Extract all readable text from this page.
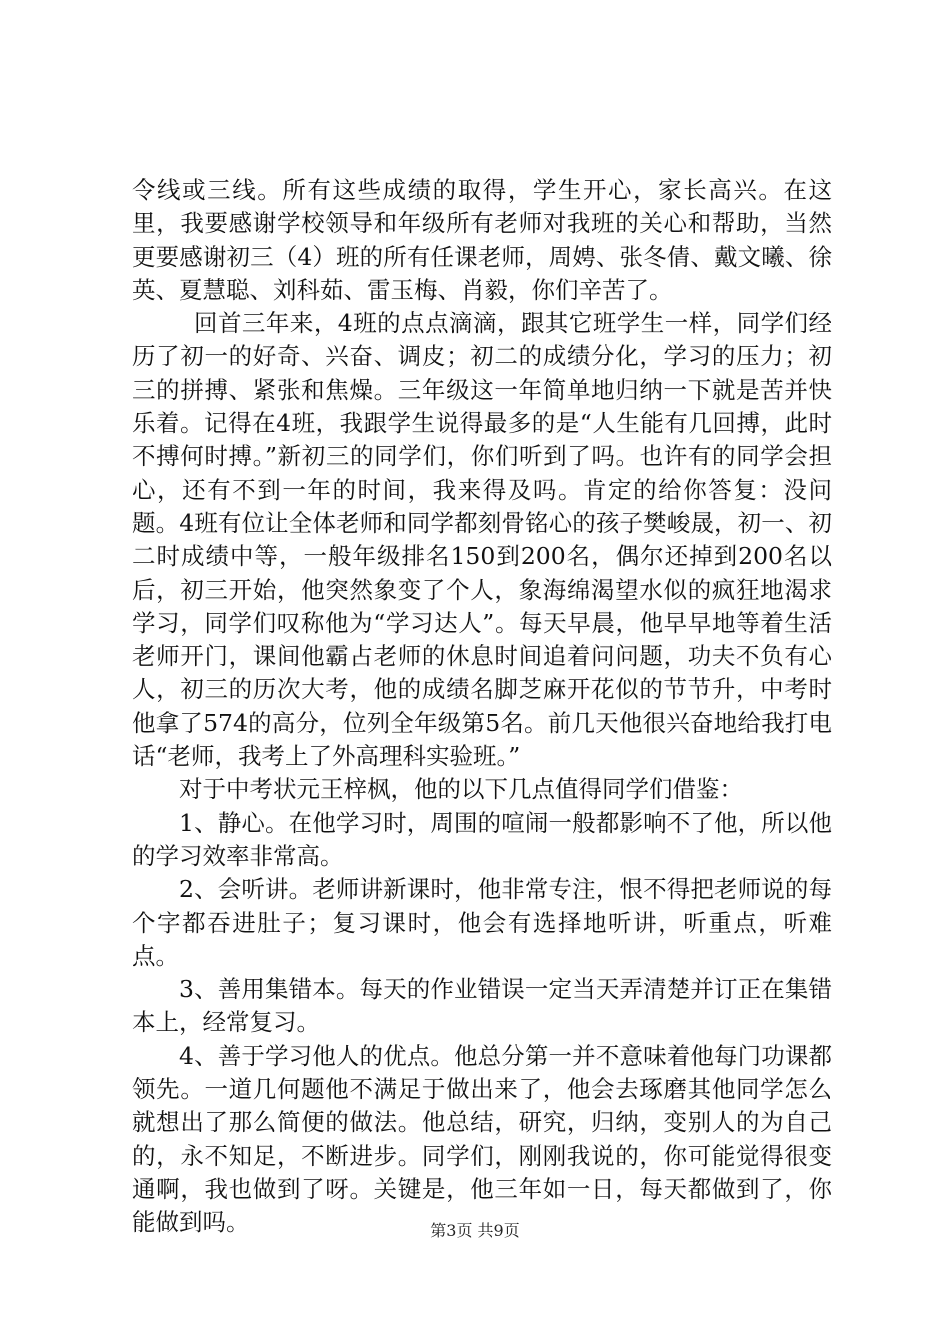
令线或三线。所有这些成绩的取得，学生开心，家长高兴。在这里，我要感谢学校领导和年级所有老师对我班的关心和帮助，当然更要感谢初三（4）班的所有任课老师，周娉、张冬倩、戴文曦、徐英、夏慧聪、刘科茹、雷玉梅、肖毅，你们辛苦了。

回首三年来，4班的点点滴滴，跟其它班学生一样，同学们经历了初一的好奇、兴奋、调皮；初二的成绩分化，学习的压力；初三的拼搏、紧张和焦燥。三年级这一年简单地归纳一下就是苦并快乐着。记得在4班，我跟学生说得最多的是“人生能有几回搏，此时不搏何时搏。”新初三的同学们，你们听到了吗。也许有的同学会担心，还有不到一年的时间，我来得及吗。肯定的给你答复：没问题。4班有位让全体老师和同学都刻骨铭心的孩子樊峻晟，初一、初二时成绩中等，一般年级排名150到200名，偶尔还掉到200名以后，初三开始，他突然象变了个人，象海绵渴望水似的疯狂地渴求学习，同学们叹称他为“学习达人”。每天早晨，他早早地等着生活老师开门，课间他霸占老师的休息时间追着问问题，功夫不负有心人，初三的历次大考，他的成绩名脚芝麻开花似的节节升，中考时他拿了574的高分，位列全年级第5名。前几天他很兴奋地给我打电话“老师，我考上了外高理科实验班。”

对于中考状元王梓枫，他的以下几点值得同学们借鉴：

1、静心。在他学习时，周围的喧闹一般都影响不了他，所以他的学习效率非常高。

2、会听讲。老师讲新课时，他非常专注，恨不得把老师说的每个字都吞进肚子；复习课时，他会有选择地听讲，听重点，听难点。

3、善用集错本。每天的作业错误一定当天弄清楚并订正在集错本上，经常复习。

4、善于学习他人的优点。他总分第一并不意味着他每门功课都领先。一道几何题他不满足于做出来了，他会去琢磨其他同学怎么就想出了那么简便的做法。他总结，研究，归纳，变别人的为自己的，永不知足，不断进步。同学们，刚刚我说的，你可能觉得很变通啊，我也做到了呀。关键是，他三年如一日，每天都做到了，你能做到吗。	第3页 共9页
